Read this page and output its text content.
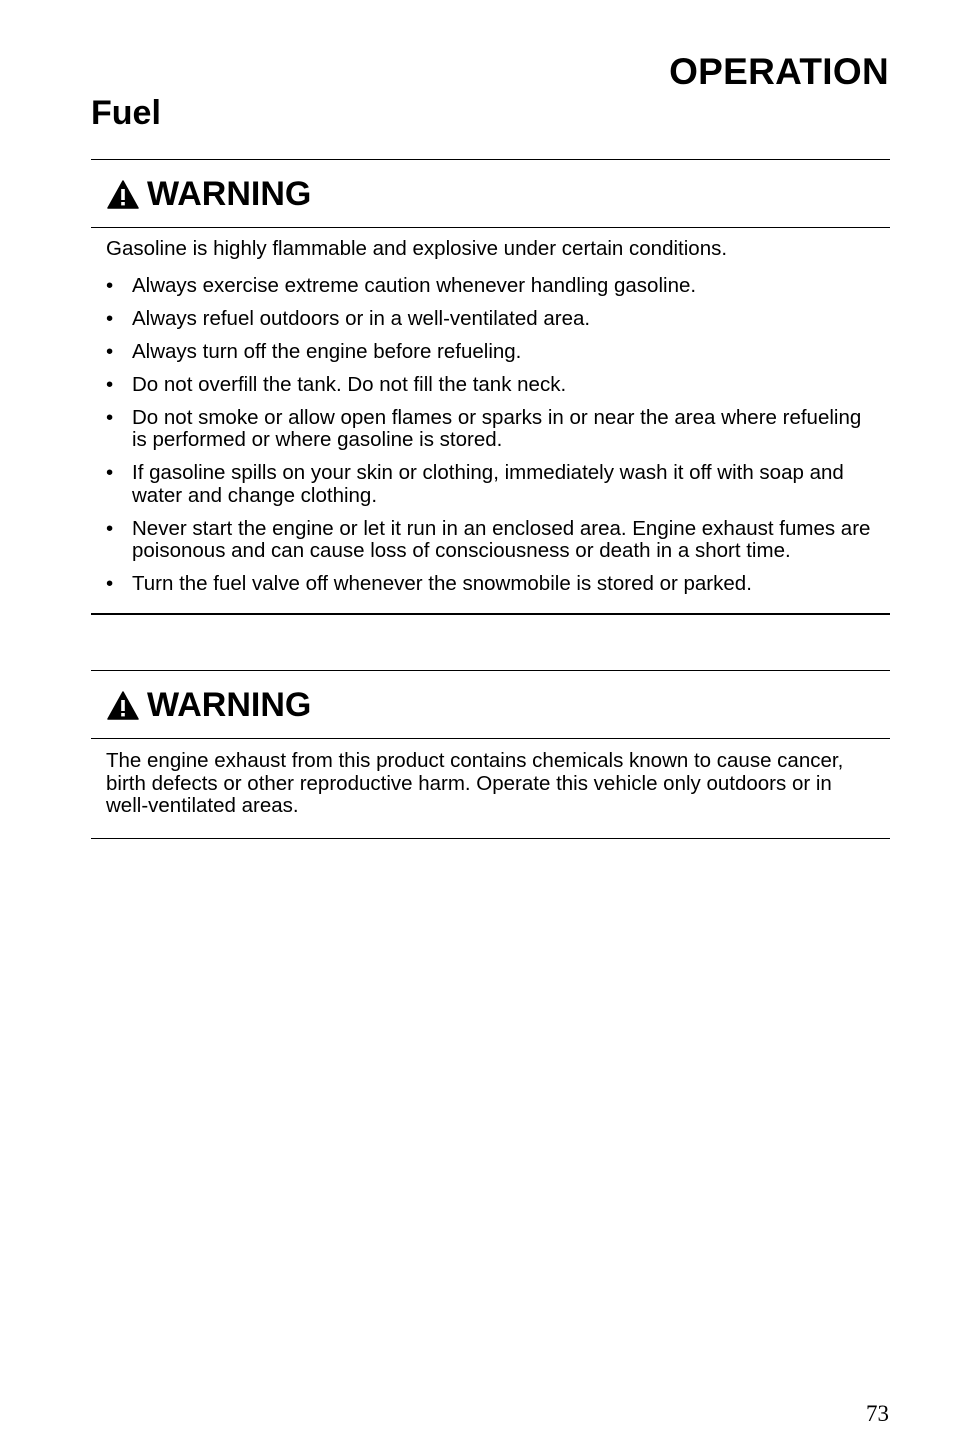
OPERATION
Fuel
WARNING

Gasoline is highly flammable and explosive under certain conditions.

• Always exercise extreme caution whenever handling gasoline.
• Always refuel outdoors or in a well-ventilated area.
• Always turn off the engine before refueling.
• Do not overfill the tank. Do not fill the tank neck.
• Do not smoke or allow open flames or sparks in or near the area where refueling is performed or where gasoline is stored.
• If gasoline spills on your skin or clothing, immediately wash it off with soap and water and change clothing.
• Never start the engine or let it run in an enclosed area. Engine exhaust fumes are poisonous and can cause loss of consciousness or death in a short time.
• Turn the fuel valve off whenever the snowmobile is stored or parked.
WARNING

The engine exhaust from this product contains chemicals known to cause cancer, birth defects or other reproductive harm. Operate this vehicle only outdoors or in well-ventilated areas.

73
